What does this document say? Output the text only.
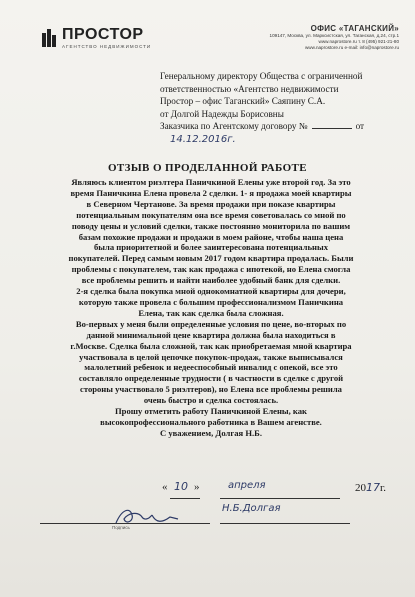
ПРОСТОР
АГЕНТСТВО НЕДВИЖИМОСТИ
ОФИС «ТАГАНСКИЙ»
109147, Москва, ул. Марксистская, ул. Таганская, д.24, стр.1
www.naprostore.ru т. 8 (495) 921-21-80
www.naprostore.ru e-mail: info@naprostore.ru
Генеральному директору Общества с ограниченной
ответственностью «Агентство недвижимости
Простор – офис Таганский» Саяпину С.А.
от Долгой Надежды Борисовны
Заказчика по Агентскому договору №	от
14.12.2016г.
ОТЗЫВ О ПРОДЕЛАННОЙ РАБОТЕ
Являюсь клиентом риэлтера Паничкиной Елены уже второй год. За это
время Паничкина Елена провела 2 сделки. 1- я продажа моей квартиры
в Северном Чертанове. За время продажи при показе квартиры
потенциальным покупателям она все время советовалась со мной по
поводу цены и условий сделки, также постоянно мониторила по вашим
базам похожие продажи и продажи в моем районе, чтобы наша цена
была приоритетной и более заинтересована потенциальных
покупателей. Перед самым новым 2017 годом квартира продалась. Были
проблемы с покупателем, так как продажа с ипотекой, но Елена смогла
все проблемы решить и найти наиболее удобный банк для сделки.
2-я сделка была покупка мной однокомнатной квартиры для дочери,
которую также провела с большим профессионализмом Паничкина
Елена, так как сделка была сложная.
Во-первых у меня были определенные условия по цене, во-вторых по
данной минимальной цене квартира должна была находиться в
г.Москве. Сделка была сложной, так как приобретаемая мной квартира
участвовала в целой цепочке покупок-продаж, также выписывался
малолетний ребенок и недееспособный инвалид с опекой, все это
составляло определенные трудности ( в частности в сделке с другой
стороны участвовало 5 риэлтеров), но Елена все проблемы решила
очень быстро и сделка состоялась.
Прошу отметить работу Паничкиной Елены, как
высокопрофессионального работника в Вашем агенстве.
С уважением, Долгая Н.Б.
« 10 »	апреля	2017г.
Н.Б.Долгая
Подпись
